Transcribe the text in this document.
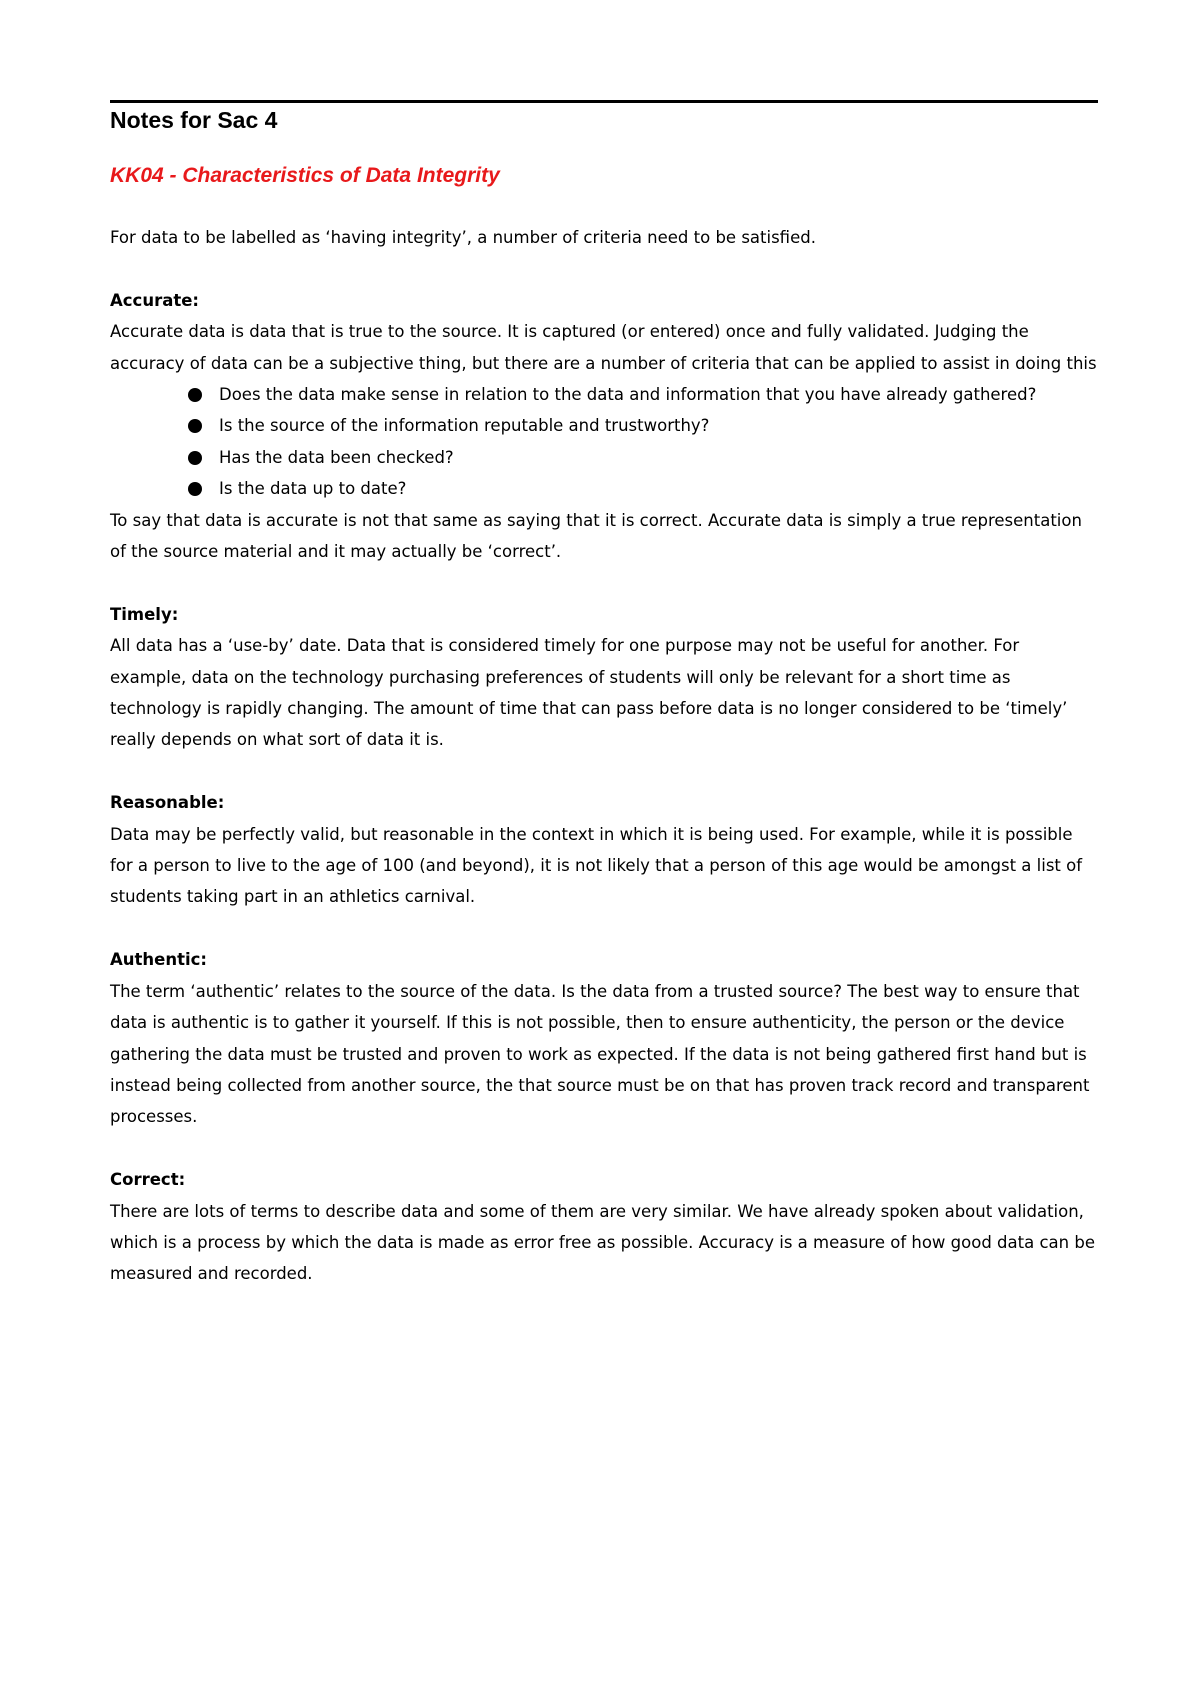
Notes for Sac 4
KK04 - Characteristics of Data Integrity

For data to be labelled as ‘having integrity’, a number of criteria need to be satisfied.

Accurate:

Accurate data is data that is true to the source. It is captured (or entered) once and fully validated. Judging the accuracy of data can be a subjective thing, but there are a number of criteria that can be applied to assist in doing this

Does the data make sense in relation to the data and information that you have already gathered?
Is the source of the information reputable and trustworthy?
Has the data been checked?
Is the data up to date?

To say that data is accurate is not that same as saying that it is correct. Accurate data is simply a true representation of the source material and it may actually be ‘correct’.

Timely:

All data has a ‘use-by’ date. Data that is considered timely for one purpose may not be useful for another. For example, data on the technology purchasing preferences of students will only be relevant for a short time as technology is rapidly changing. The amount of time that can pass before data is no longer considered to be ‘timely’ really depends on what sort of data it is.

Reasonable:

Data may be perfectly valid, but reasonable in the context in which it is being used. For example, while it is possible for a person to live to the age of 100 (and beyond), it is not likely that a person of this age would be amongst a list of students taking part in an athletics carnival.

Authentic:

The term ‘authentic’ relates to the source of the data. Is the data from a trusted source? The best way to ensure that data is authentic is to gather it yourself. If this is not possible, then to ensure authenticity, the person or the device gathering the data must be trusted and proven to work as expected. If the data is not being gathered first hand but is instead being collected from another source, the that source must be on that has proven track record and transparent processes.

Correct:

There are lots of terms to describe data and some of them are very similar. We have already spoken about validation, which is a process by which the data is made as error free as possible. Accuracy is a measure of how good data can be measured and recorded.
